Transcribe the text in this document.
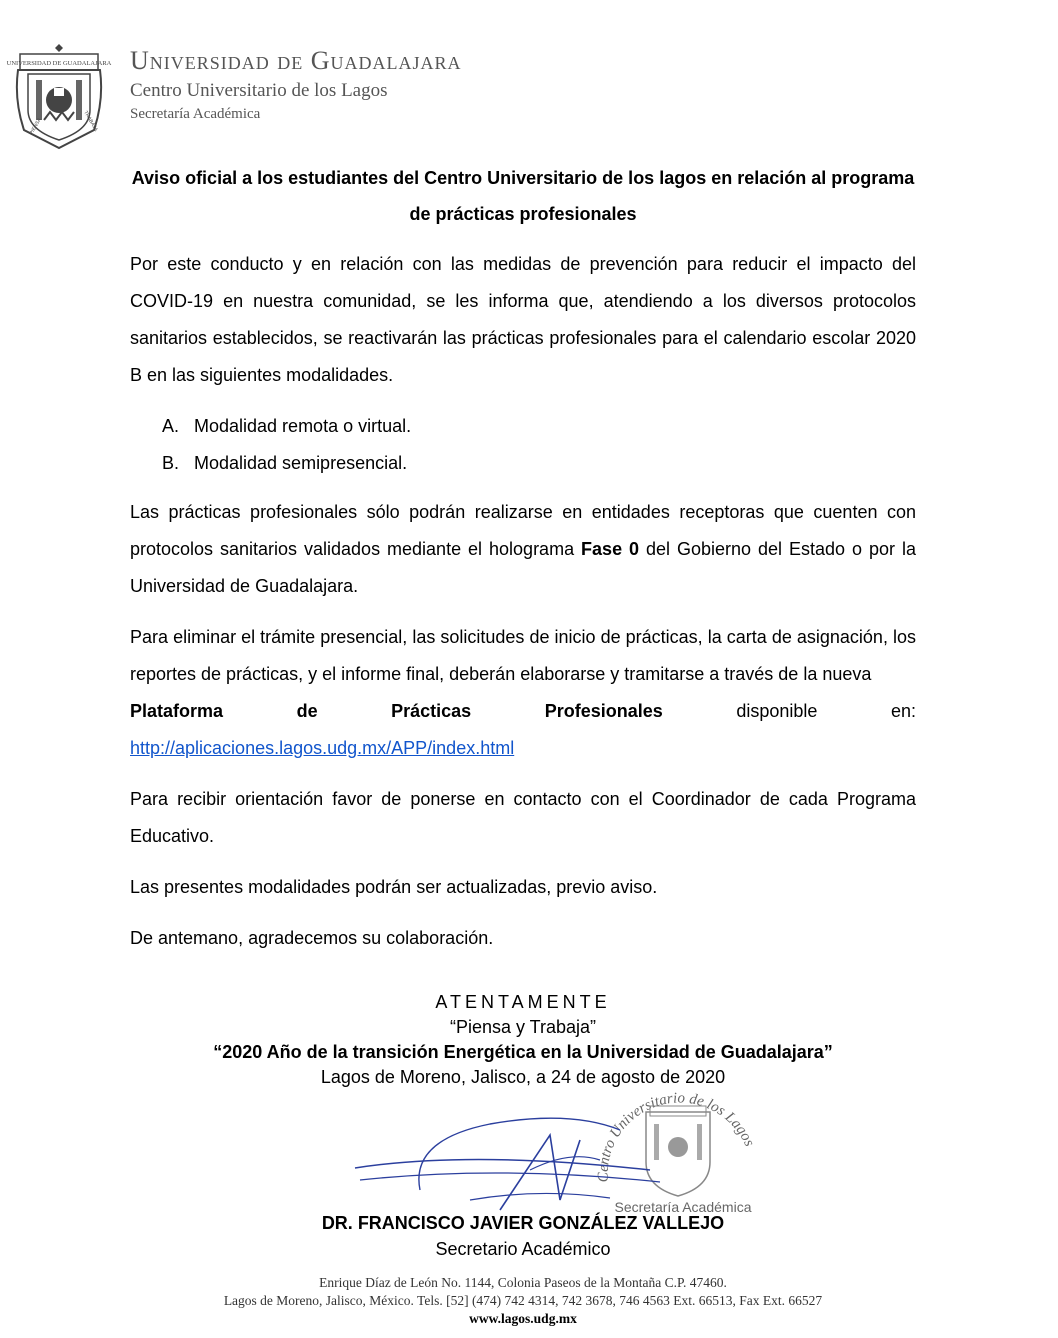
UNIVERSIDAD DE GUADALAJARA
PIENSA	TRABAJA
Universidad de Guadalajara
Centro Universitario de los Lagos
Secretaría Académica
Aviso oficial a los estudiantes del Centro Universitario de los lagos en relación al programa de prácticas profesionales

Por este conducto y en relación con las medidas de prevención para reducir el impacto del COVID-19 en nuestra comunidad, se les informa que, atendiendo a los diversos protocolos sanitarios establecidos, se reactivarán las prácticas profesionales para el calendario escolar 2020 B en las siguientes modalidades.

A. Modalidad remota o virtual.
B. Modalidad semipresencial.

Las prácticas profesionales sólo podrán realizarse en entidades receptoras que cuenten con protocolos sanitarios validados mediante el holograma Fase 0 del Gobierno del Estado o por la Universidad de Guadalajara.

Para eliminar el trámite presencial, las solicitudes de inicio de prácticas, la carta de asignación, los reportes de prácticas, y el informe final, deberán elaborarse y tramitarse a través de la nueva

Plataforma de Prácticas Profesionales	disponible en:

http://aplicaciones.lagos.udg.mx/APP/index.html

Para recibir orientación favor de ponerse en contacto con el Coordinador de cada Programa Educativo.

Las presentes modalidades podrán ser actualizadas, previo aviso.

De antemano, agradecemos su colaboración.

ATENTAMENTE
“Piensa y Trabaja”
“2020 Año de la transición Energética en la Universidad de Guadalajara”
Lagos de Moreno, Jalisco, a 24 de agosto de 2020
Centro Universitario de los Lagos
Secretaría Académica
DR. FRANCISCO JAVIER GONZÁLEZ VALLEJO
Secretario Académico
Enrique Díaz de León No. 1144, Colonia Paseos de la Montaña C.P. 47460.
Lagos de Moreno, Jalisco, México. Tels. [52] (474) 742 4314, 742 3678, 746 4563 Ext. 66513, Fax Ext. 66527
www.lagos.udg.mx
